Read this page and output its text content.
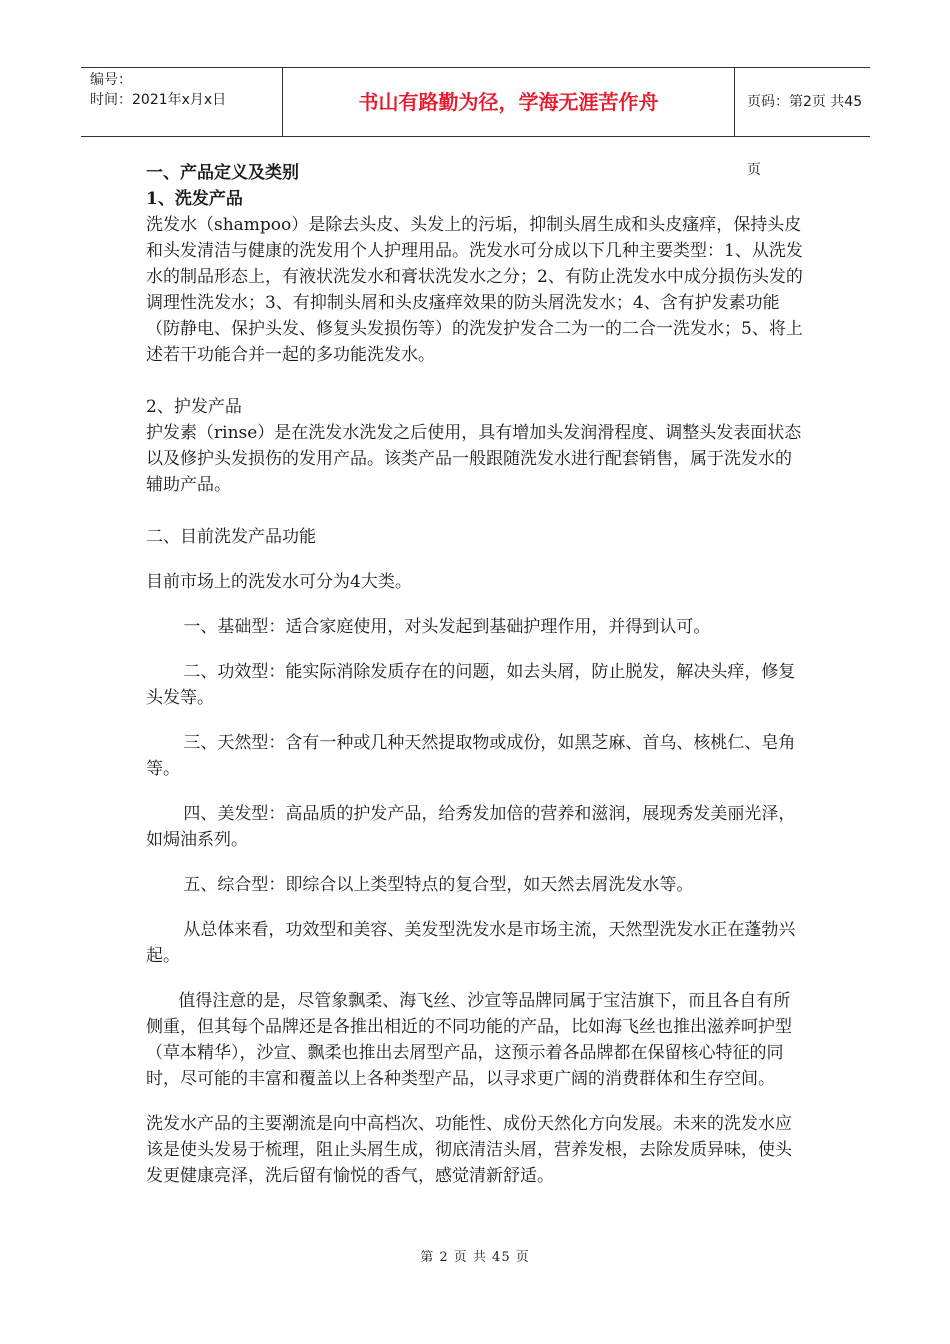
编号：
时间：2021年x月x日	书山有路勤为径，学海无涯苦作舟	页码：第2页 共45页

一、产品定义及类别

1、洗发产品

洗发水（shampoo）是除去头皮、头发上的污垢，抑制头屑生成和头皮瘙痒，保持头皮和头发清洁与健康的洗发用个人护理用品。洗发水可分成以下几种主要类型：1、从洗发水的制品形态上，有液状洗发水和膏状洗发水之分；2、有防止洗发水中成分损伤头发的调理性洗发水；3、有抑制头屑和头皮瘙痒效果的防头屑洗发水；4、含有护发素功能（防静电、保护头发、修复头发损伤等）的洗发护发合二为一的二合一洗发水；5、将上述若干功能合并一起的多功能洗发水。

2、护发产品

护发素（rinse）是在洗发水洗发之后使用，具有增加头发润滑程度、调整头发表面状态以及修护头发损伤的发用产品。该类产品一般跟随洗发水进行配套销售，属于洗发水的辅助产品。

二、目前洗发产品功能

目前市场上的洗发水可分为4大类。

一、基础型：适合家庭使用，对头发起到基础护理作用，并得到认可。

二、功效型：能实际消除发质存在的问题，如去头屑，防止脱发，解决头痒，修复头发等。

三、天然型：含有一种或几种天然提取物或成份，如黑芝麻、首乌、核桃仁、皂角等。

四、美发型：高品质的护发产品，给秀发加倍的营养和滋润，展现秀发美丽光泽，如焗油系列。

五、综合型：即综合以上类型特点的复合型，如天然去屑洗发水等。

从总体来看，功效型和美容、美发型洗发水是市场主流，天然型洗发水正在蓬勃兴起。

值得注意的是，尽管象飘柔、海飞丝、沙宣等品牌同属于宝洁旗下，而且各自有所侧重，但其每个品牌还是各推出相近的不同功能的产品，比如海飞丝也推出滋养呵护型（草本精华），沙宣、飘柔也推出去屑型产品，这预示着各品牌都在保留核心特征的同时，尽可能的丰富和覆盖以上各种类型产品，以寻求更广阔的消费群体和生存空间。

洗发水产品的主要潮流是向中高档次、功能性、成份天然化方向发展。未来的洗发水应该是使头发易于梳理，阻止头屑生成，彻底清洁头屑，营养发根，去除发质异味，使头发更健康亮泽，洗后留有愉悦的香气，感觉清新舒适。

第 2 页 共 45 页
